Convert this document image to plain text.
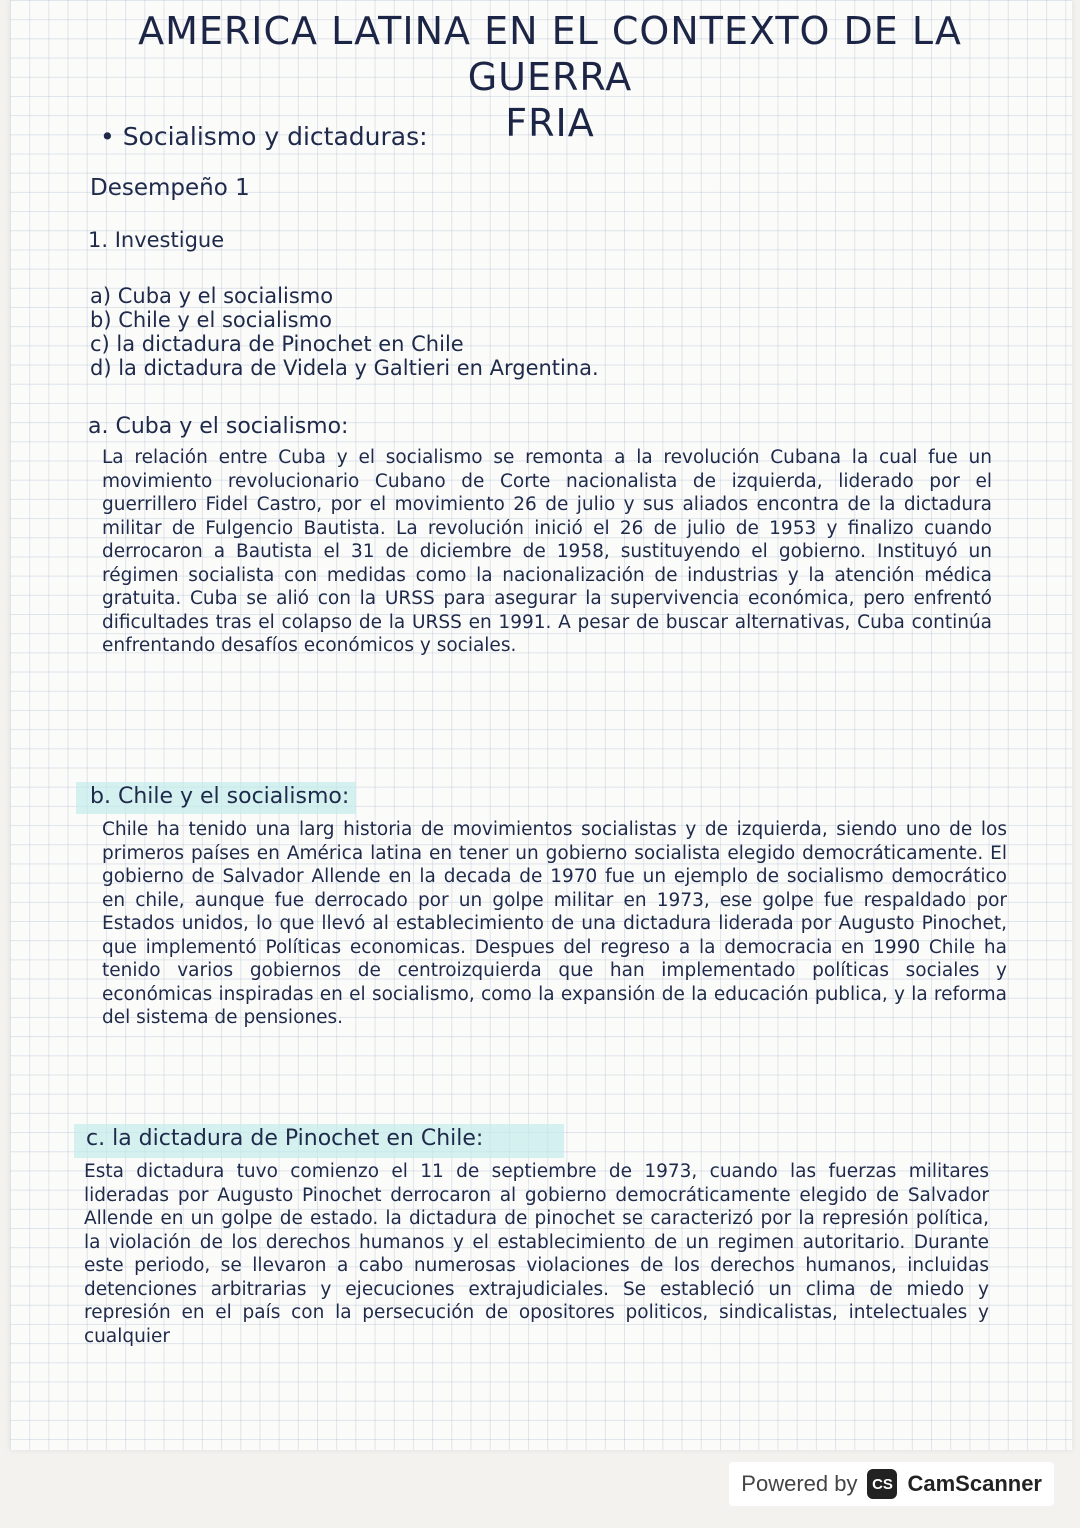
AMERICA LATINA EN EL CONTEXTO DE LA GUERRA
FRIA
• Socialismo y dictaduras:
Desempeño 1
1. Investigue
a) Cuba y el socialismo
b) Chile y el socialismo
c) la dictadura de Pinochet en Chile
d) la dictadura de Videla y Galtieri en Argentina.
a. Cuba y el socialismo:
La relación entre Cuba y el socialismo se remonta a la revolución Cubana la cual fue un movimiento revolucionario Cubano de Corte nacionalista de izquierda, liderado por el guerrillero Fidel Castro, por el movimiento 26 de julio y sus aliados encontra de la dictadura militar de Fulgencio Bautista. La revolución inició el 26 de julio de 1953 y finalizo cuando derrocaron a Bautista el 31 de diciembre de 1958, sustituyendo el gobierno. Instituyó un régimen socialista con medidas como la nacionalización de industrias y la atención médica gratuita. Cuba se alió con la URSS para asegurar la supervivencia económica, pero enfrentó dificultades tras el colapso de la URSS en 1991. A pesar de buscar alternativas, Cuba continúa enfrentando desafíos económicos y sociales.
b. Chile y el socialismo:
Chile ha tenido una larg historia de movimientos socialistas y de izquierda, siendo uno de los primeros países en América latina en tener un gobierno socialista elegido democráticamente. El gobierno de Salvador Allende en la decada de 1970 fue un ejemplo de socialismo democrático en chile, aunque fue derrocado por un golpe militar en 1973, ese golpe fue respaldado por Estados unidos, lo que llevó al establecimiento de una dictadura liderada por Augusto Pinochet, que implementó Políticas economicas. Despues del regreso a la democracia en 1990 Chile ha tenido varios gobiernos de centroizquierda que han implementado políticas sociales y económicas inspiradas en el socialismo, como la expansión de la educación publica, y la reforma del sistema de pensiones.
c. la dictadura de Pinochet en Chile:
Esta dictadura tuvo comienzo el 11 de septiembre de 1973, cuando las fuerzas militares lideradas por Augusto Pinochet derrocaron al gobierno democráticamente elegido de Salvador Allende en un golpe de estado. la dictadura de pinochet se caracterizó por la represión política, la violación de los derechos humanos y el establecimiento de un regimen autoritario. Durante este periodo, se llevaron a cabo numerosas violaciones de los derechos humanos, incluidas detenciones arbitrarias y ejecuciones extrajudiciales. Se estableció un clima de miedo y represión en el país con la persecución de opositores politicos, sindicalistas, intelectuales y cualquier
Powered by CS CamScanner
